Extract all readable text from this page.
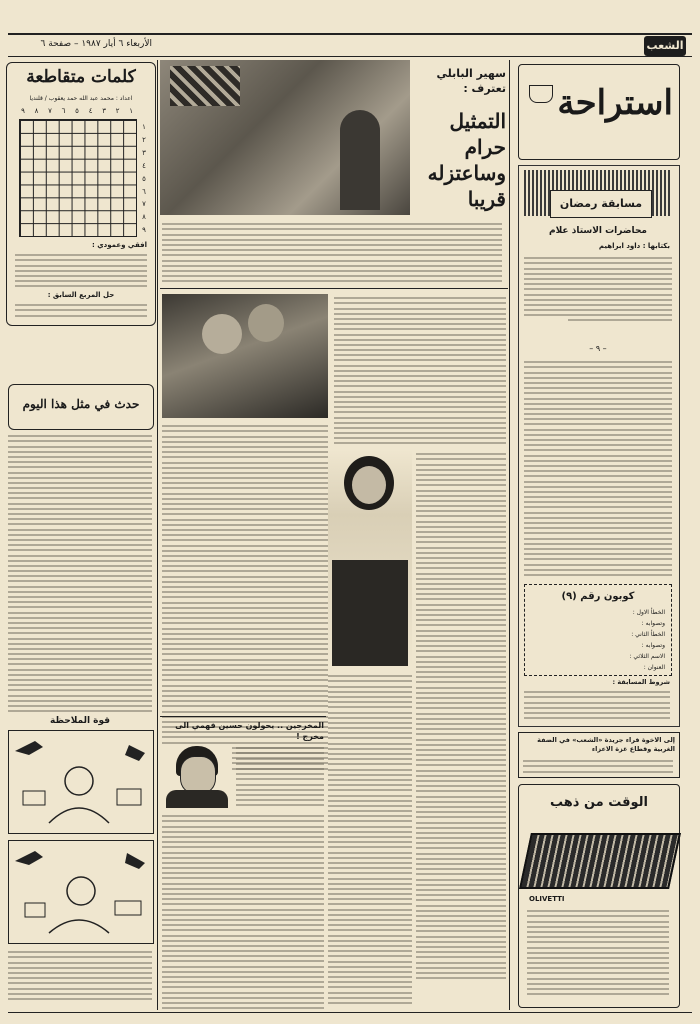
الأربعاء ٦ أيار ١٩٨٧ – صفحة ٦	الشعب
استراحة
مسابقة رمضان
محاضرات الاستاذ علام
بكتابها : داود ابراهيم
– ٩ –
كوبون رقم (٩)
الخطأ الاول :
وتصوابه :
الخطأ الثاني :
وتصوابه :
الاسم الثلاثي :
العنوان :
شروط المسابقة :
إلى الاخوة قراء جريدة «الشعب» في الضفة الغربية وقطاع غزة الاعزاء
الوقت من ذهب
OLIVETTI
سهير البابلي تعترف :
التمثيل حرام وساعتزله قريبا
المخرجين .. يحولون حسين فهمي الى مخرج !
كلمات متقاطعة
اعداد : محمد عبد الله حمد يعقوب / قلنديا
١
٢
٣
٤
٥
٦
٧
٨
٩
١
٢
٣
٤
٥
٦
٧
٨
٩
افقي وعمودي :
حل المربع السابق :
حدث في مثل هذا اليوم
قوة الملاحظة
